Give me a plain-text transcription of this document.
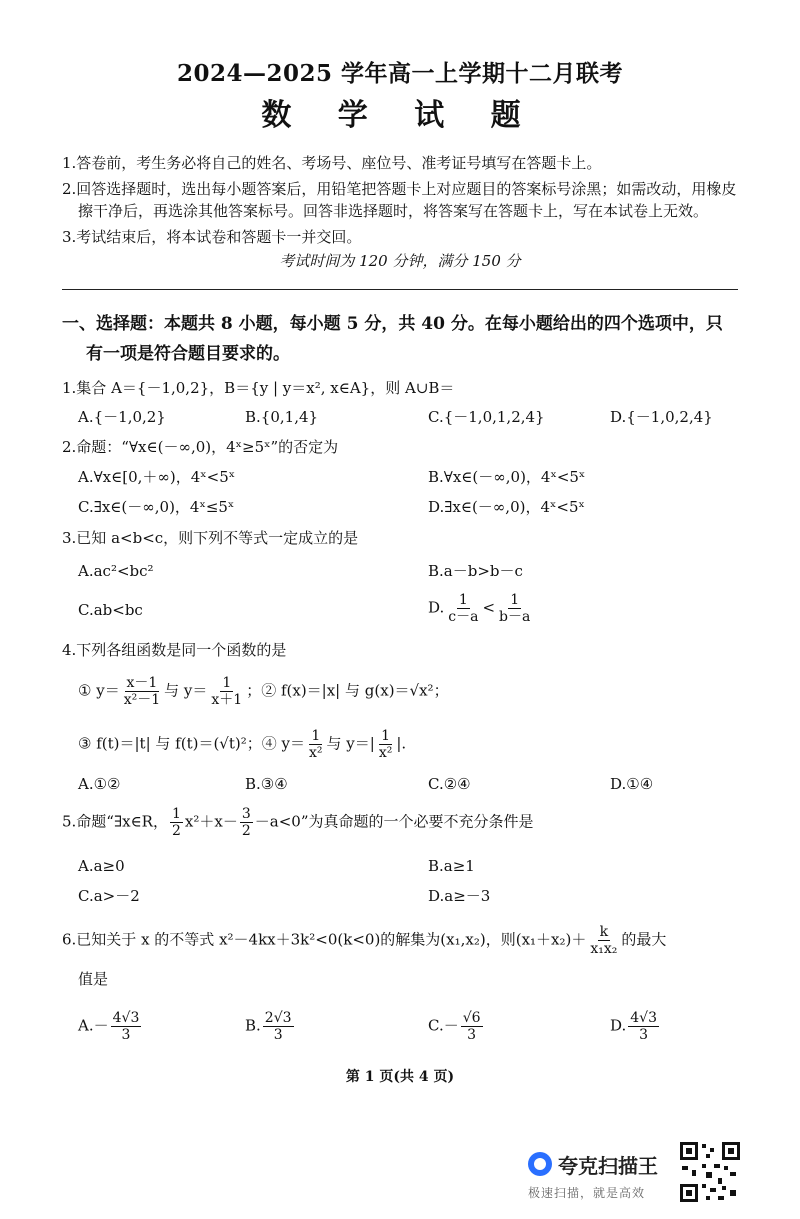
2024—2025 学年高一上学期十二月联考
数 学 试 题
1.答卷前，考生务必将自己的姓名、考场号、座位号、准考证号填写在答题卡上。
2.回答选择题时，选出每小题答案后，用铅笔把答题卡上对应题目的答案标号涂黑；如需改动，用橡皮
擦干净后，再选涂其他答案标号。回答非选择题时，将答案写在答题卡上，写在本试卷上无效。
3.考试结束后，将本试卷和答题卡一并交回。
考试时间为 120 分钟，满分 150 分
一、选择题：本题共 8 小题，每小题 5 分，共 40 分。在每小题给出的四个选项中，只
有一项是符合题目要求的。
1.集合 A＝{－1,0,2}，B＝{y | y＝x², x∈A}，则 A∪B＝
A.{－1,0,2}	B.{0,1,4}	C.{－1,0,1,2,4}	D.{－1,0,2,4}
2.命题：“∀x∈(－∞,0)，4ˣ≥5ˣ”的否定为
A.∀x∈[0,＋∞)，4ˣ<5ˣ	B.∀x∈(－∞,0)，4ˣ<5ˣ
C.∃x∈(－∞,0)，4ˣ≤5ˣ	D.∃x∈(－∞,0)，4ˣ<5ˣ
3.已知 a<b<c，则下列不等式一定成立的是
A.ac²<bc²	B.a－b>b－c
C.ab<bc	D. $\frac{1}{c-a} < \frac{1}{b-a}$
4.下列各组函数是同一个函数的是
① $y= \frac{x-1}{\text{x²－1}}$ 与 $y= \frac{1}{x+1}$ ；② f(x)＝|x| 与 g(x)＝√x²；
③ f(t)＝|t| 与 f(t)＝(√t)²；④ $y= \frac{1}{\text{x²}}$ 与 $y=| \frac{1}{\text{x²}}$ |.
A.①②	B.③④	C.②④	D.①④
5.命题“∃x∈R， $\frac{1}{2} x^2+x- \frac{3}{2} -a<0$”为真命题的一个必要不充分条件是
A.a≥0	B.a≥1
C.a>－2	D.a≥－3
6.已知关于 x 的不等式 x²－4kx＋3k²<0(k<0)的解集为(x₁,x₂)，则$(x_1+x_2)+ \frac{k}{\text{x₁x₂}}$ 的最大
值是
$A.- \frac{4√3}{3}$	B. $\frac{2√3}{3}$	$C.- \frac{√6}{3}$	D. $\frac{4√3}{3}$
第 1 页(共 4 页)
夸克扫描王
极速扫描，就是高效
